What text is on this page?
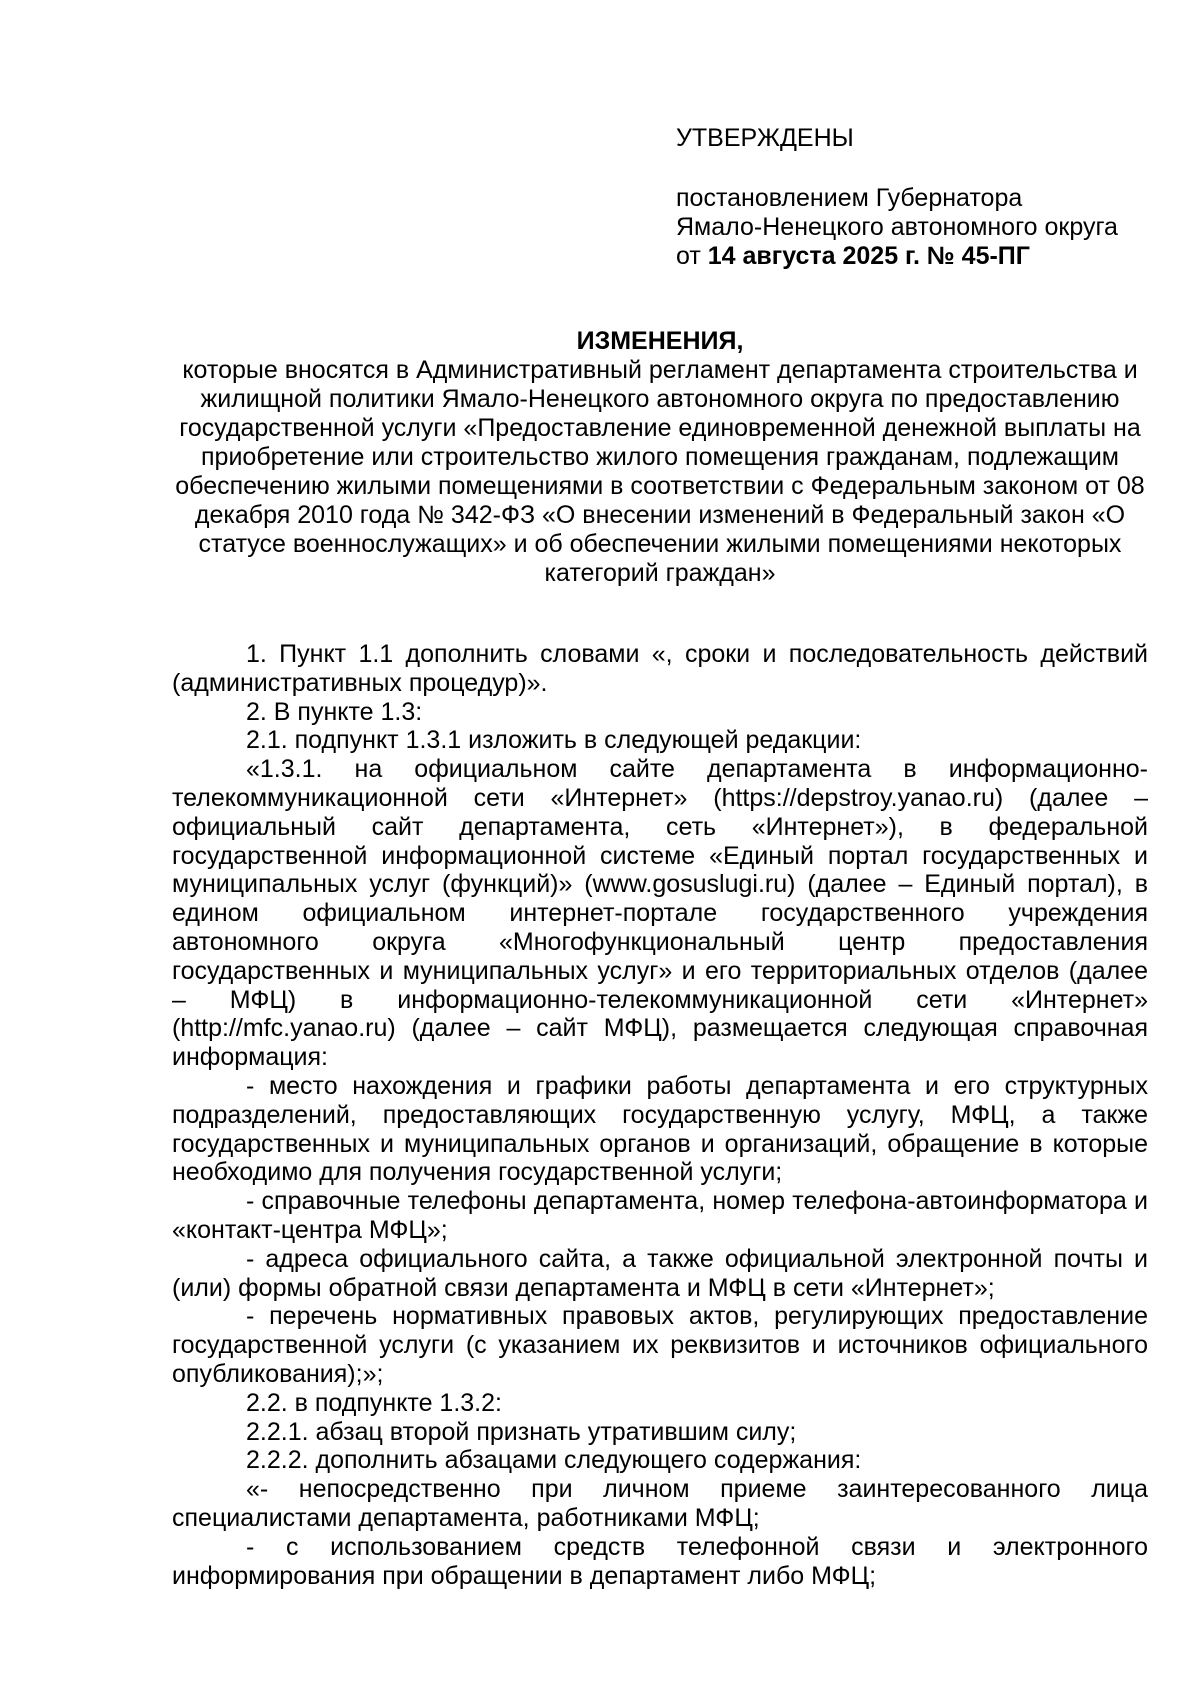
УТВЕРЖДЕНЫ
постановлением Губернатора
Ямало-Ненецкого автономного округа
от 14 августа 2025 г. № 45-ПГ
ИЗМЕНЕНИЯ,
которые вносятся в Административный регламент департамента строительства и жилищной политики Ямало-Ненецкого автономного округа по предоставлению государственной услуги «Предоставление единовременной денежной выплаты на приобретение или строительство жилого помещения гражданам, подлежащим обеспечению жилыми помещениями в соответствии с Федеральным законом от 08 декабря 2010 года № 342-ФЗ «О внесении изменений в Федеральный закон «О статусе военнослужащих» и об обеспечении жилыми помещениями некоторых категорий граждан»

1. Пункт 1.1 дополнить словами «, сроки и последовательность действий (административных процедур)».

2. В пункте 1.3:

2.1. подпункт 1.3.1 изложить в следующей редакции:

«1.3.1. на официальном сайте департамента в информационно-телекоммуникационной сети «Интернет» (https://depstroy.yanao.ru) (далее – официальный сайт департамента, сеть «Интернет»), в федеральной государственной информационной системе «Единый портал государственных и муниципальных услуг (функций)» (www.gosuslugi.ru) (далее – Единый портал), в едином официальном интернет-портале государственного учреждения автономного округа «Многофункциональный центр предоставления государственных и муниципальных услуг» и его территориальных отделов (далее – МФЦ) в информационно-телекоммуникационной сети «Интернет» (http://mfc.yanao.ru) (далее – сайт МФЦ), размещается следующая справочная информация:

- место нахождения и графики работы департамента и его структурных подразделений, предоставляющих государственную услугу, МФЦ, а также государственных и муниципальных органов и организаций, обращение в которые необходимо для получения государственной услуги;

- справочные телефоны департамента, номер телефона-автоинформатора и «контакт-центра МФЦ»;

- адреса официального сайта, а также официальной электронной почты и (или) формы обратной связи департамента и МФЦ в сети «Интернет»;

- перечень нормативных правовых актов, регулирующих предоставление государственной услуги (с указанием их реквизитов и источников официального опубликования);»;

2.2. в подпункте 1.3.2:

2.2.1. абзац второй признать утратившим силу;

2.2.2. дополнить абзацами следующего содержания:

«- непосредственно при личном приеме заинтересованного лица специалистами департамента, работниками МФЦ;

- с использованием средств телефонной связи и электронного информирования при обращении в департамент либо МФЦ;
